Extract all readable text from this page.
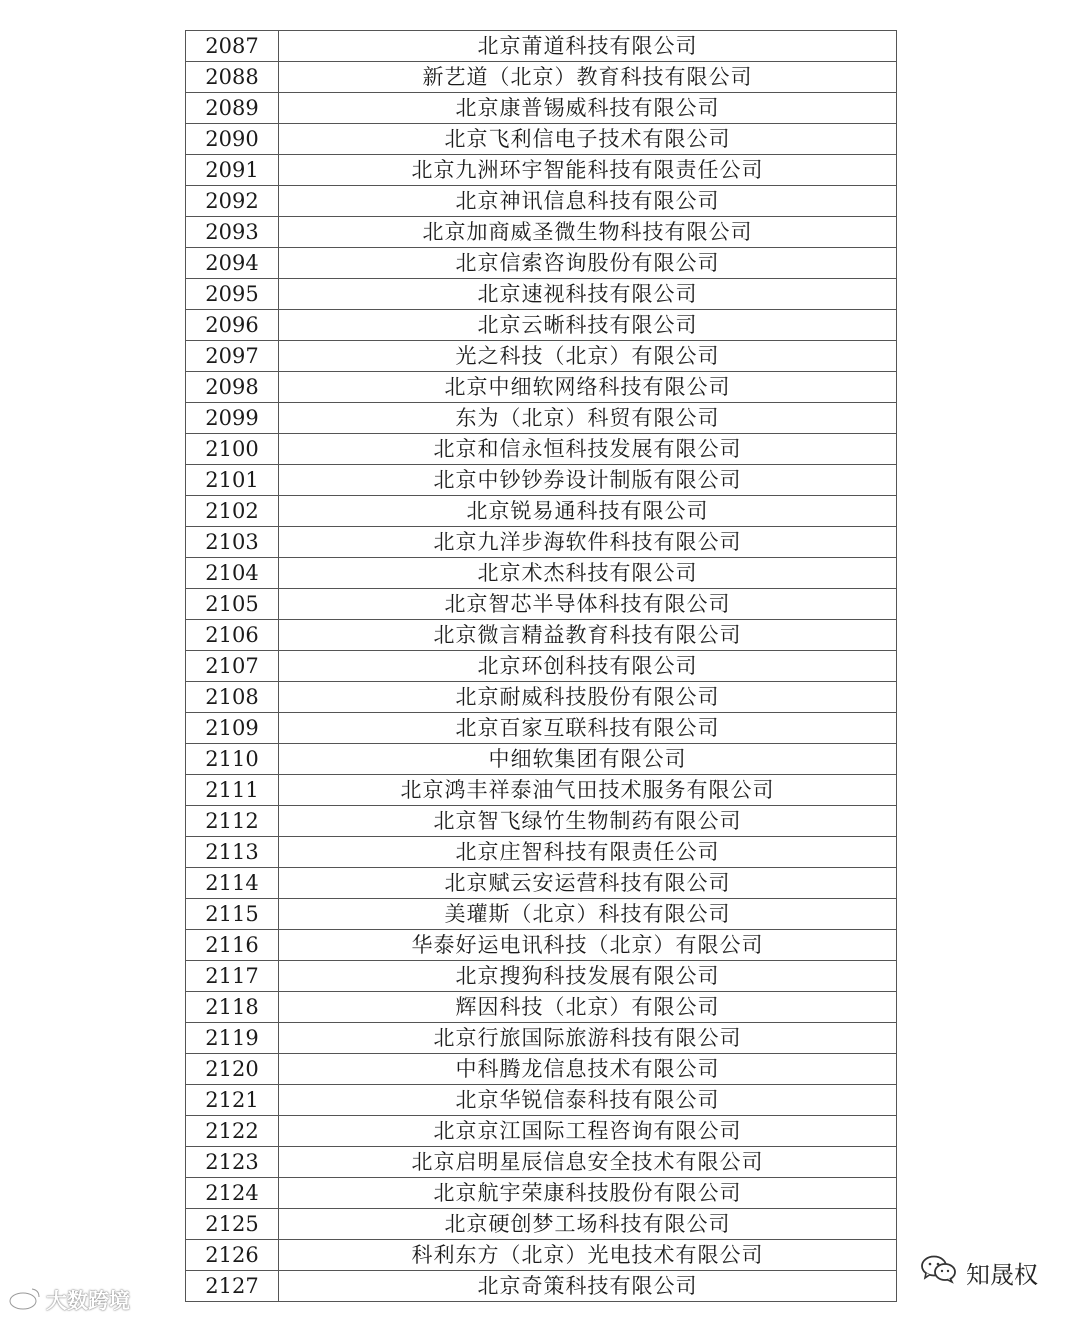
2087	北京莆道科技有限公司
2088	新艺道（北京）教育科技有限公司
2089	北京康普锡威科技有限公司
2090	北京飞利信电子技术有限公司
2091	北京九洲环宇智能科技有限责任公司
2092	北京神讯信息科技有限公司
2093	北京加商威圣微生物科技有限公司
2094	北京信索咨询股份有限公司
2095	北京速视科技有限公司
2096	北京云晰科技有限公司
2097	光之科技（北京）有限公司
2098	北京中细软网络科技有限公司
2099	东为（北京）科贸有限公司
2100	北京和信永恒科技发展有限公司
2101	北京中钞钞券设计制版有限公司
2102	北京锐易通科技有限公司
2103	北京九洋步海软件科技有限公司
2104	北京术杰科技有限公司
2105	北京智芯半导体科技有限公司
2106	北京微言精益教育科技有限公司
2107	北京环创科技有限公司
2108	北京耐威科技股份有限公司
2109	北京百家互联科技有限公司
2110	中细软集团有限公司
2111	北京鸿丰祥泰油气田技术服务有限公司
2112	北京智飞绿竹生物制药有限公司
2113	北京庄智科技有限责任公司
2114	北京赋云安运营科技有限公司
2115	美瓘斯（北京）科技有限公司
2116	华泰好运电讯科技（北京）有限公司
2117	北京搜狗科技发展有限公司
2118	辉因科技（北京）有限公司
2119	北京行旅国际旅游科技有限公司
2120	中科腾龙信息技术有限公司
2121	北京华锐信泰科技有限公司
2122	北京京江国际工程咨询有限公司
2123	北京启明星辰信息安全技术有限公司
2124	北京航宇荣康科技股份有限公司
2125	北京硬创梦工场科技有限公司
2126	科利东方（北京）光电技术有限公司
2127	北京奇策科技有限公司
大数跨境
知晟权
